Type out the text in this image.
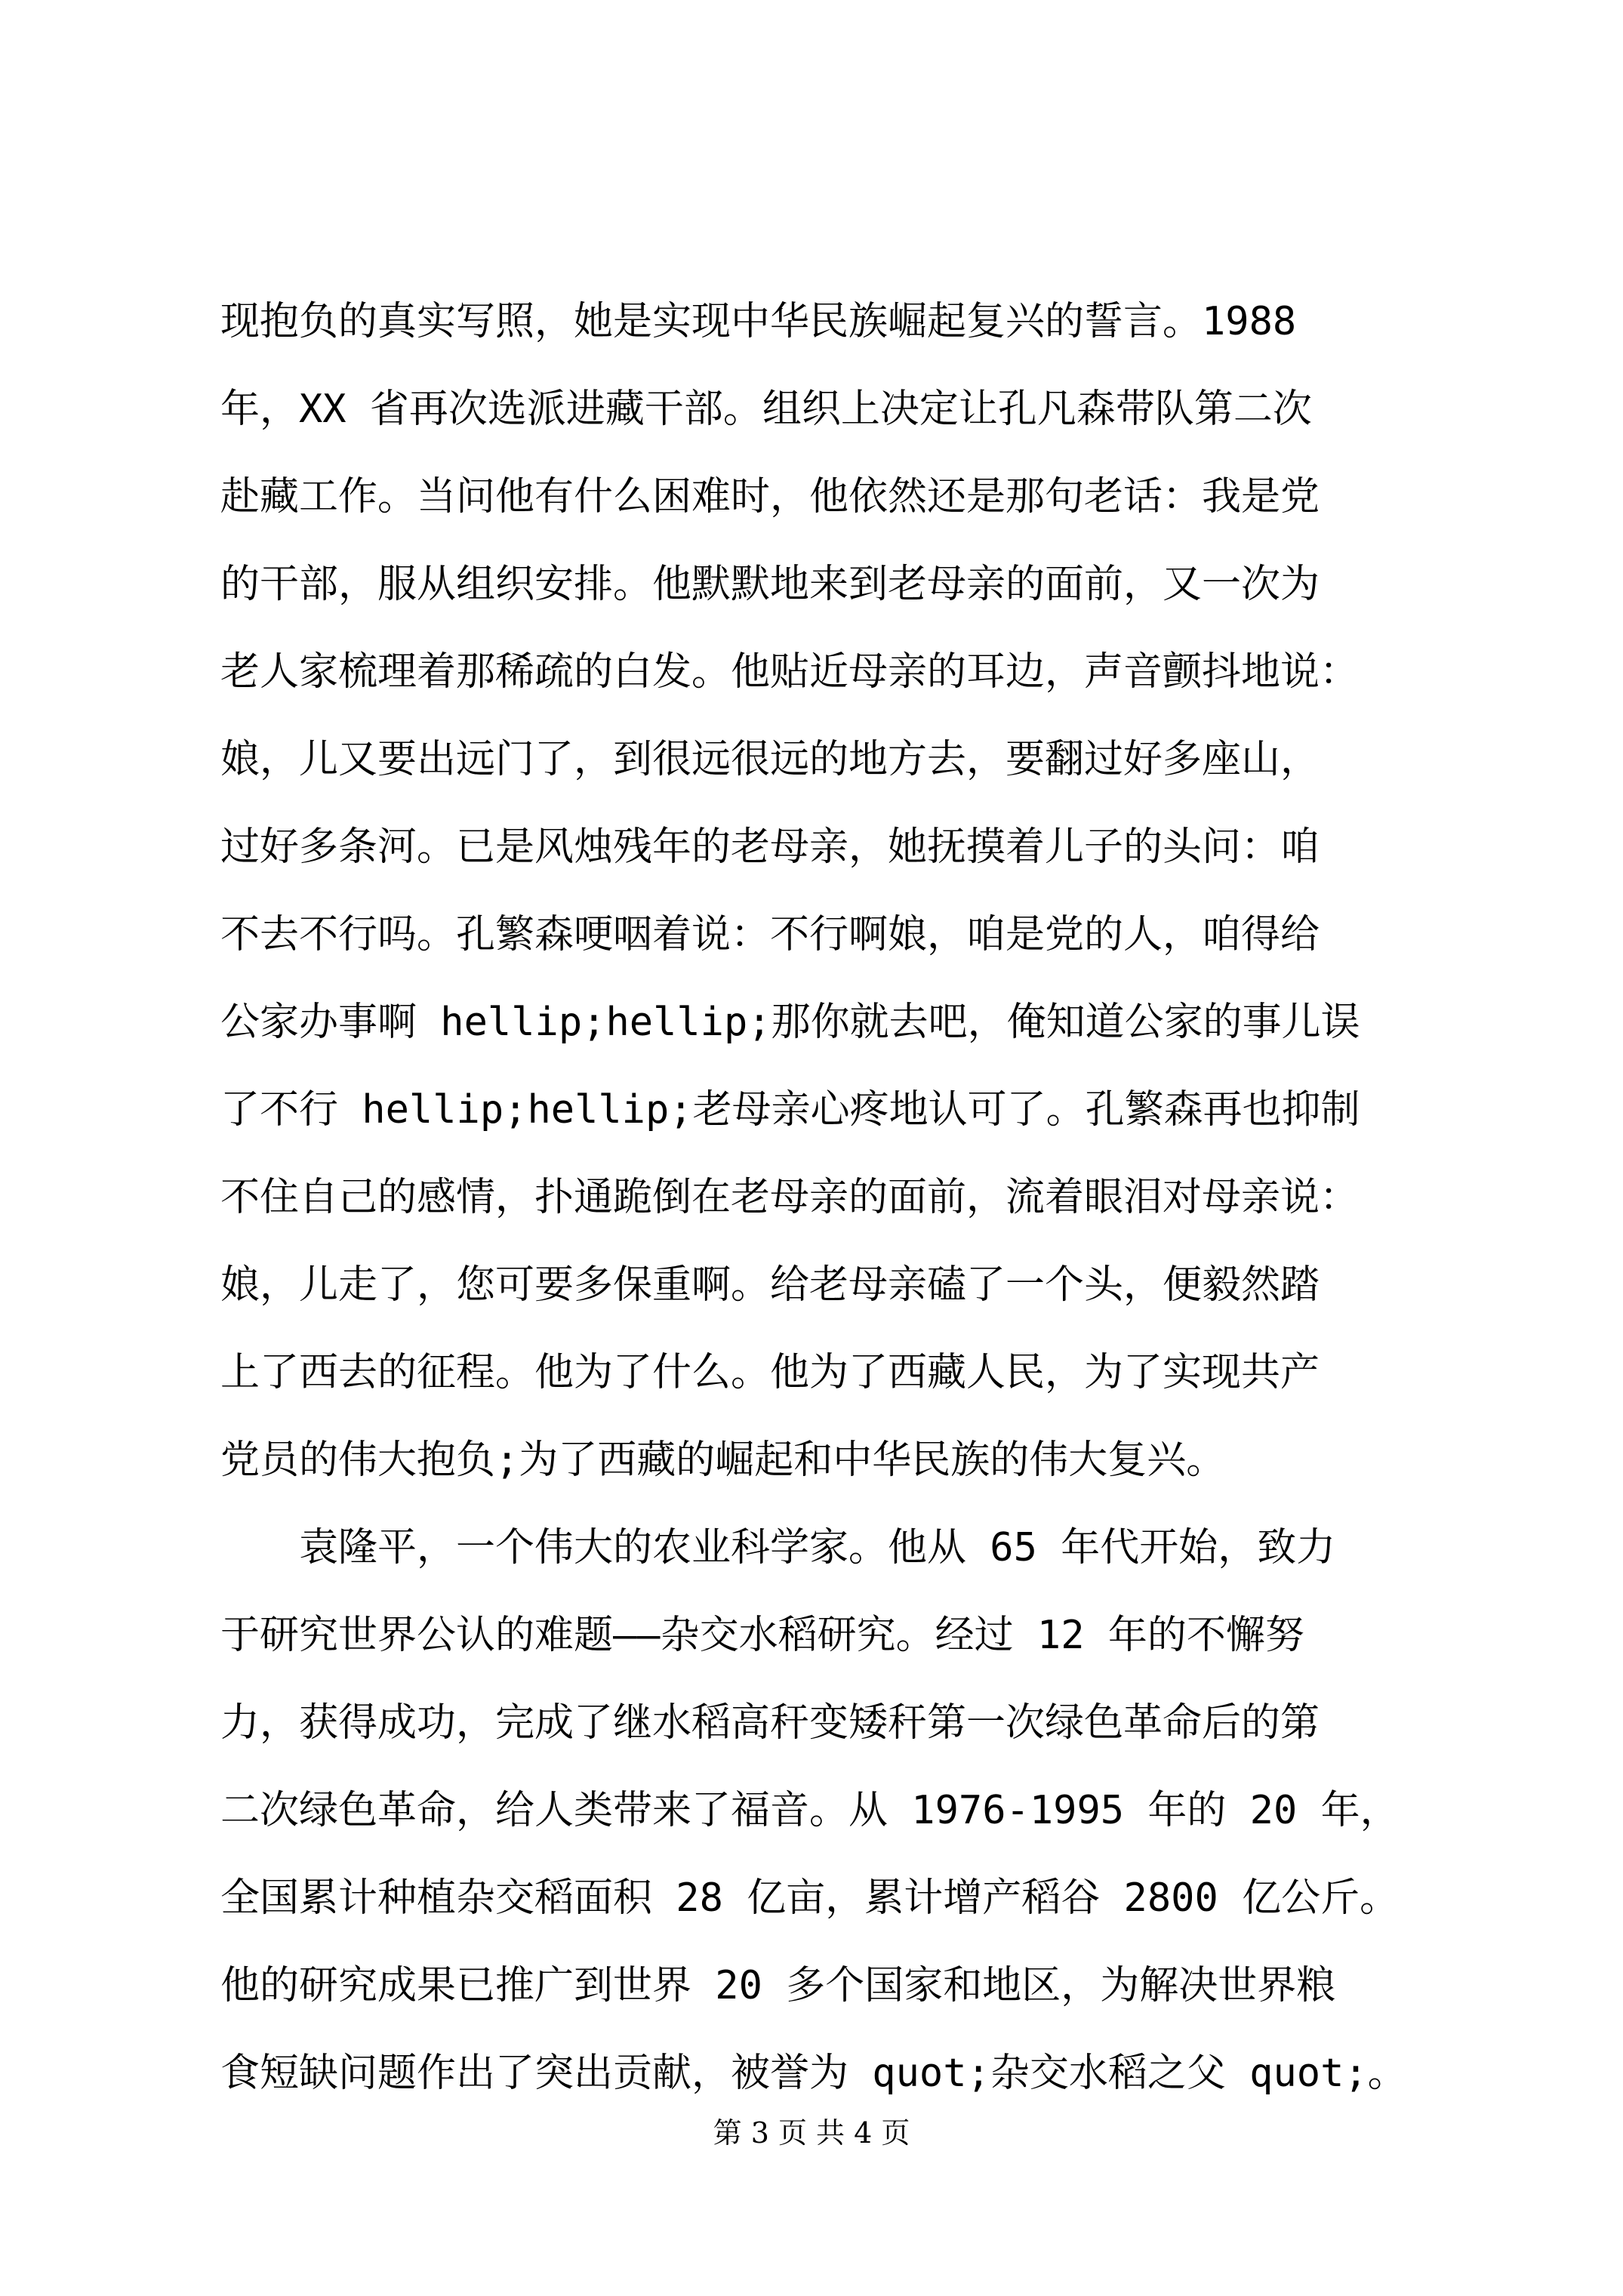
现抱负的真实写照，她是实现中华民族崛起复兴的誓言。1988
年，XX 省再次选派进藏干部。组织上决定让孔凡森带队第二次
赴藏工作。当问他有什么困难时，他依然还是那句老话：我是党
的干部，服从组织安排。他默默地来到老母亲的面前，又一次为
老人家梳理着那稀疏的白发。他贴近母亲的耳边，声音颤抖地说：
娘，儿又要出远门了，到很远很远的地方去，要翻过好多座山，
过好多条河。已是风烛残年的老母亲，她抚摸着儿子的头问：咱
不去不行吗。孔繁森哽咽着说：不行啊娘，咱是党的人，咱得给
公家办事啊 hellip;hellip;那你就去吧，俺知道公家的事儿误
了不行 hellip;hellip;老母亲心疼地认可了。孔繁森再也抑制
不住自己的感情，扑通跪倒在老母亲的面前，流着眼泪对母亲说：
娘，儿走了，您可要多保重啊。给老母亲磕了一个头，便毅然踏
上了西去的征程。他为了什么。他为了西藏人民，为了实现共产
党员的伟大抱负;为了西藏的崛起和中华民族的伟大复兴。
袁隆平，一个伟大的农业科学家。他从 65 年代开始，致力
于研究世界公认的难题——杂交水稻研究。经过 12 年的不懈努
力，获得成功，完成了继水稻高秆变矮秆第一次绿色革命后的第
二次绿色革命，给人类带来了福音。从 1976-1995 年的 20 年，
全国累计种植杂交稻面积 28 亿亩，累计增产稻谷 2800 亿公斤。
他的研究成果已推广到世界 20 多个国家和地区，为解决世界粮
食短缺问题作出了突出贡献，被誉为 quot;杂交水稻之父 quot;。
第 3 页 共 4 页
